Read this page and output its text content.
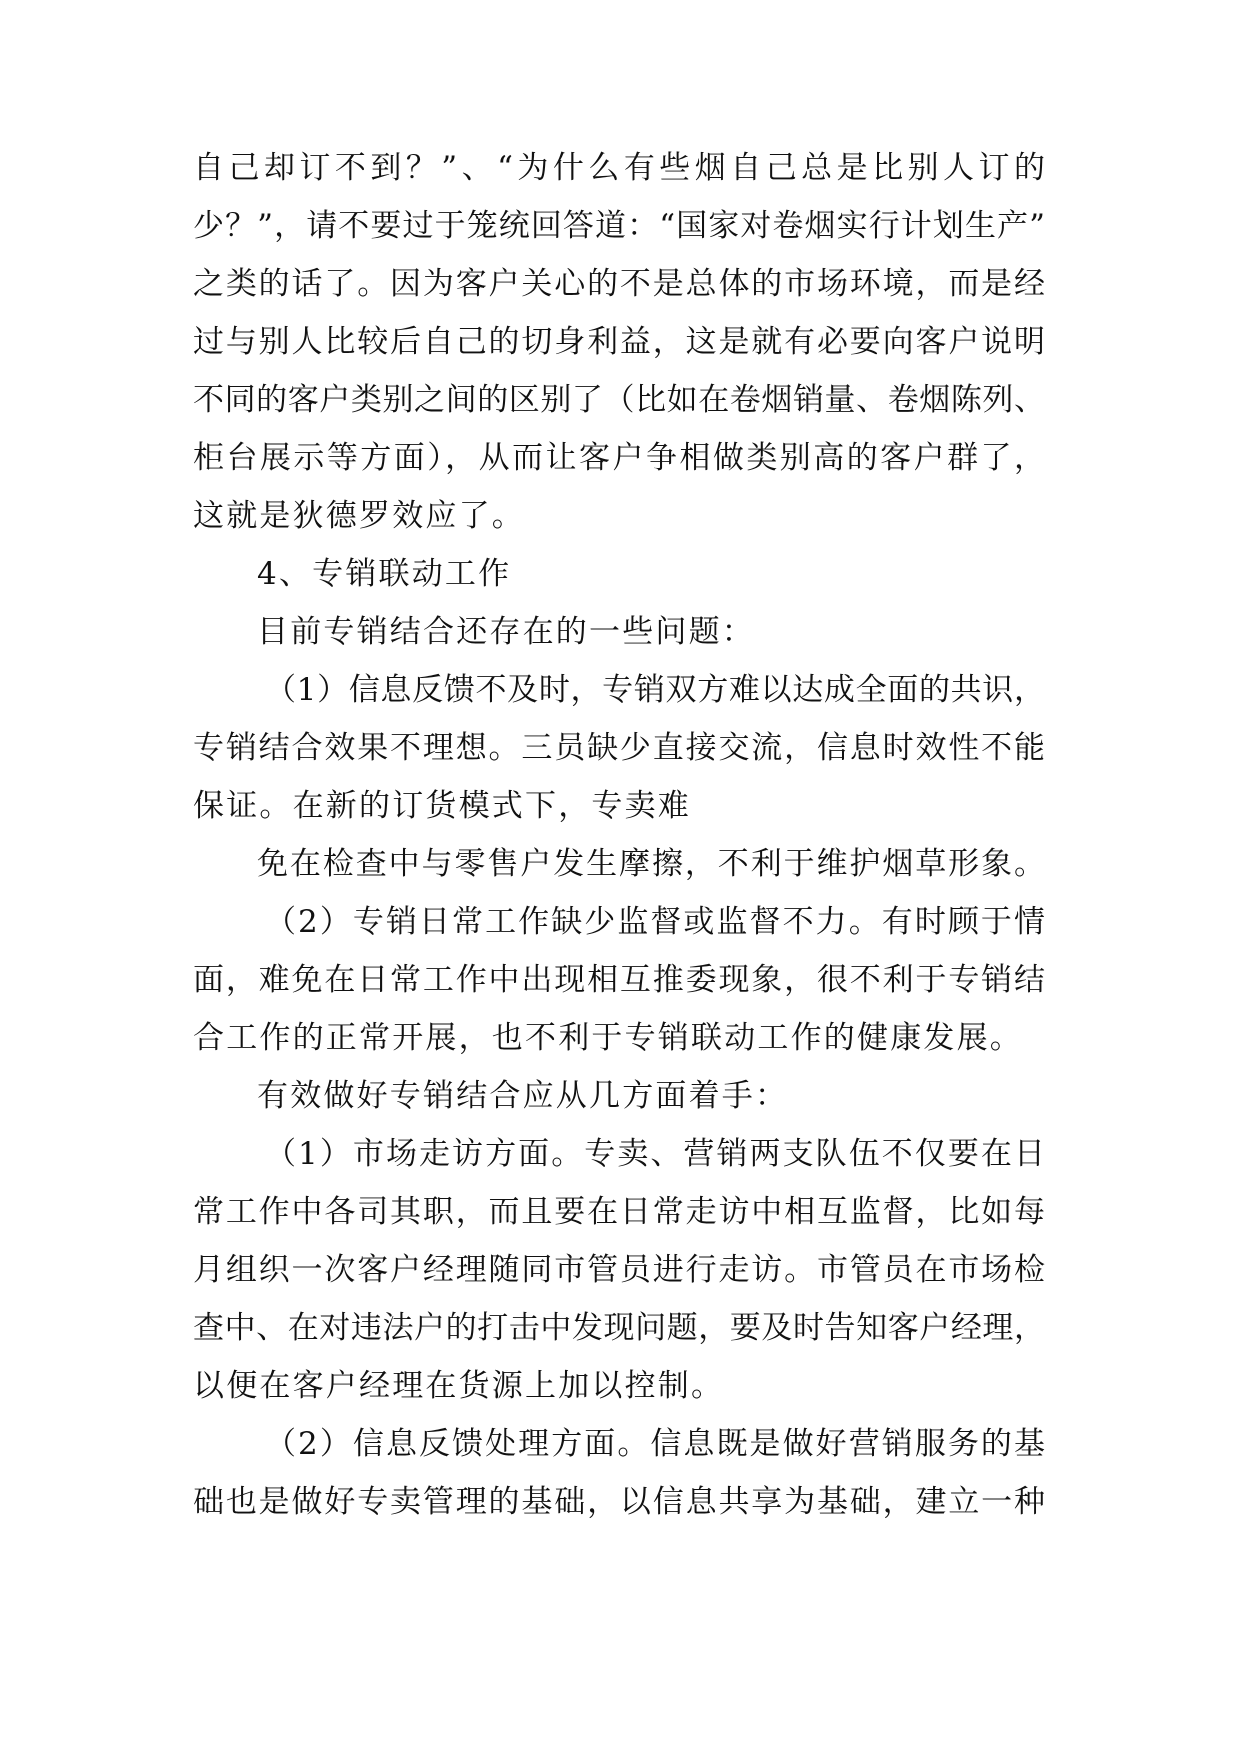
自己却订不到？”、“为什么有些烟自己总是比别人订的
少？”，请不要过于笼统回答道：“国家对卷烟实行计划生产”
之类的话了。因为客户关心的不是总体的市场环境，而是经
过与别人比较后自己的切身利益，这是就有必要向客户说明
不同的客户类别之间的区别了（比如在卷烟销量、卷烟陈列、
柜台展示等方面），从而让客户争相做类别高的客户群了，
这就是狄德罗效应了。
4、专销联动工作
目前专销结合还存在的一些问题：
（1）信息反馈不及时，专销双方难以达成全面的共识，
专销结合效果不理想。三员缺少直接交流，信息时效性不能
保证。在新的订货模式下，专卖难
免在检查中与零售户发生摩擦，不利于维护烟草形象。
（2）专销日常工作缺少监督或监督不力。有时顾于情
面，难免在日常工作中出现相互推委现象，很不利于专销结
合工作的正常开展，也不利于专销联动工作的健康发展。
有效做好专销结合应从几方面着手：
（1）市场走访方面。专卖、营销两支队伍不仅要在日
常工作中各司其职，而且要在日常走访中相互监督，比如每
月组织一次客户经理随同市管员进行走访。市管员在市场检
查中、在对违法户的打击中发现问题，要及时告知客户经理，
以便在客户经理在货源上加以控制。
（2）信息反馈处理方面。信息既是做好营销服务的基
础也是做好专卖管理的基础，以信息共享为基础，建立一种
